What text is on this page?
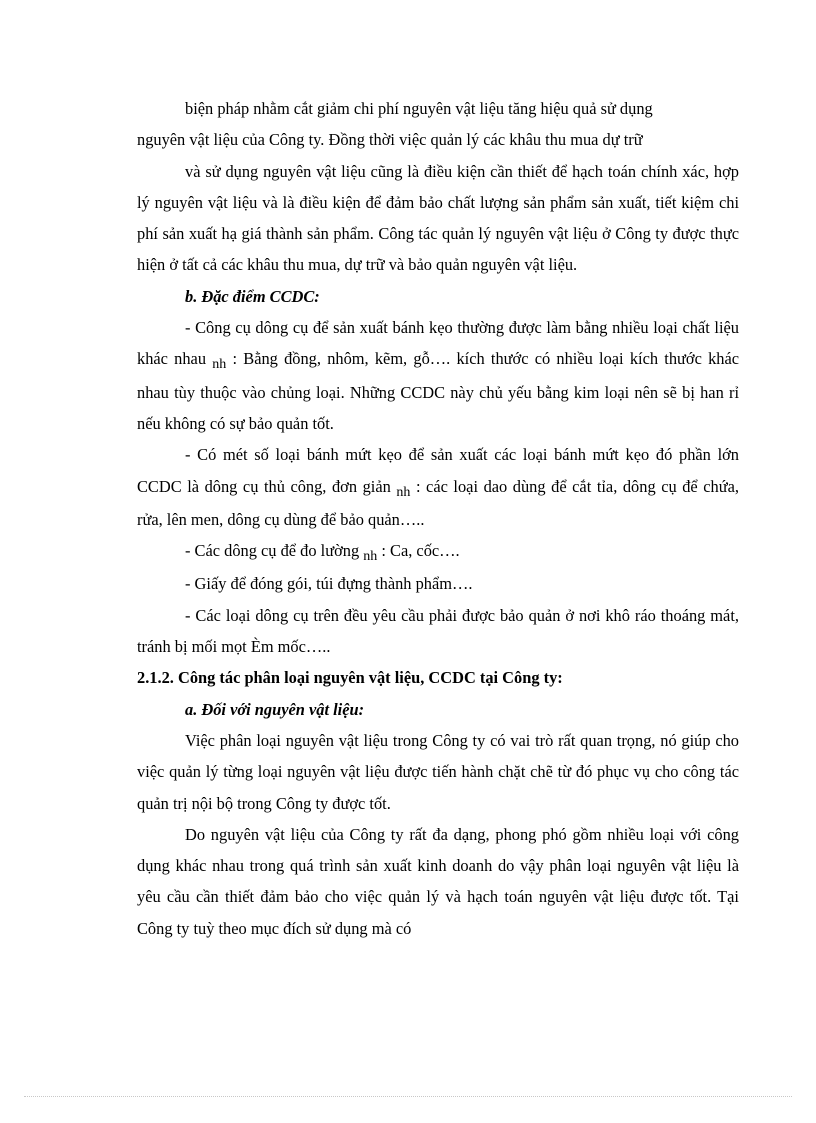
biện pháp nhằm cắt giảm chi phí nguyên vật liệu tăng hiệu quả sử dụng

nguyên vật liệu của Công ty. Đồng thời việc quản lý các khâu thu mua dự trữ

và sử dụng nguyên vật liệu cũng là điều kiện cần thiết để hạch toán chính xác, hợp lý nguyên vật liệu và là điều kiện để đảm bảo chất lượng sản phẩm sản xuất, tiết kiệm chi phí sản xuất hạ giá thành sản phẩm. Công tác quản lý nguyên vật liệu ở Công ty được thực hiện ở tất cả các khâu thu mua, dự trữ và bảo quản nguyên vật liệu.

b. Đặc điểm CCDC:

- Công cụ dông cụ để sản xuất bánh kẹo thường được làm bằng nhiều loại chất liệu khác nhau nh : Bằng đồng, nhôm, kẽm, gỗ…. kích thước có nhiều loại kích thước khác nhau tùy thuộc vào chủng loại. Những CCDC này chủ yếu bằng kim loại nên sẽ bị han rỉ nếu không có sự bảo quản tốt.

- Có mét số loại bánh mứt kẹo để sản xuất các loại bánh mứt kẹo đó phần lớn CCDC là dông cụ thủ công, đơn giản nh : các loại dao dùng để cắt tỉa, dông cụ để chứa, rửa, lên men, dông cụ dùng để bảo quản…..

- Các dông cụ để đo lường nh : Ca, cốc….

- Giấy để đóng gói, túi đựng thành phẩm….

- Các loại dông cụ trên đều yêu cầu phải được bảo quản ở nơi khô ráo thoáng mát, tránh bị mối mọt Èm mốc…..

2.1.2. Công tác phân loại nguyên vật liệu, CCDC tại Công ty:

a. Đối với nguyên vật liệu:

Việc phân loại nguyên vật liệu trong Công ty có vai trò rất quan trọng, nó giúp cho việc quản lý từng loại nguyên vật liệu được tiến hành chặt chẽ từ đó phục vụ cho công tác quản trị nội bộ trong Công ty được tốt.

Do nguyên vật liệu của Công ty rất đa dạng, phong phó gồm nhiều loại với công dụng khác nhau trong quá trình sản xuất kinh doanh do vậy phân loại nguyên vật liệu là yêu cầu cần thiết đảm bảo cho việc quản lý và hạch toán nguyên vật liệu được tốt. Tại Công ty tuỳ theo mục đích sử dụng mà có
